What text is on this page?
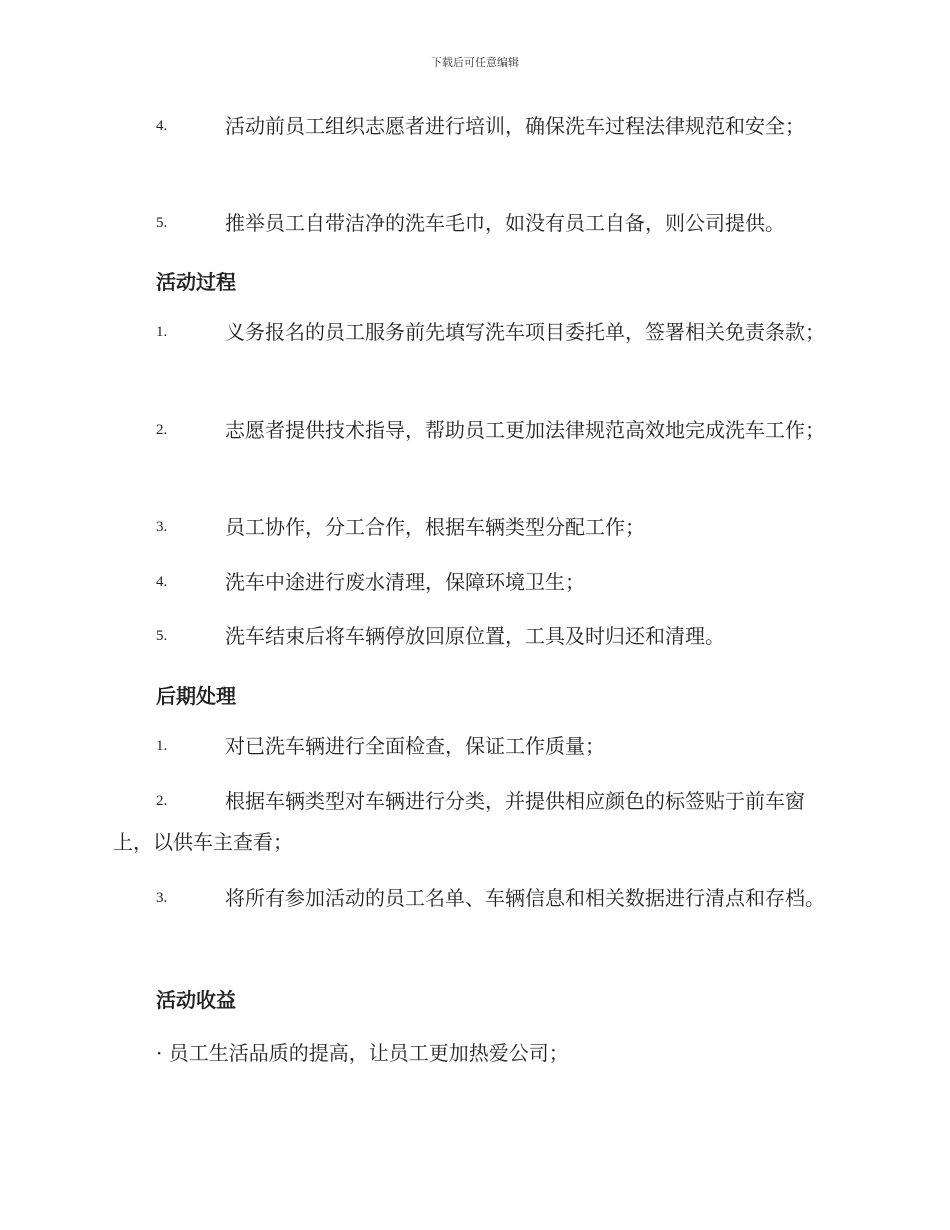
下载后可任意编辑
4.	活动前员工组织志愿者进行培训，确保洗车过程法律规范和安全；
5.	推举员工自带洁净的洗车毛巾，如没有员工自备，则公司提供。
活动过程
1.	义务报名的员工服务前先填写洗车项目委托单，签署相关免责条款；
2.	志愿者提供技术指导，帮助员工更加法律规范高效地完成洗车工作；
3.	员工协作，分工合作，根据车辆类型分配工作；
4.	洗车中途进行废水清理，保障环境卫生；
5.	洗车结束后将车辆停放回原位置，工具及时归还和清理。
后期处理
1.	对已洗车辆进行全面检查，保证工作质量；
2.	根据车辆类型对车辆进行分类，并提供相应颜色的标签贴于前车窗上，以供车主查看；
3.	将所有参加活动的员工名单、车辆信息和相关数据进行清点和存档。
活动收益
· 员工生活品质的提高，让员工更加热爱公司；
